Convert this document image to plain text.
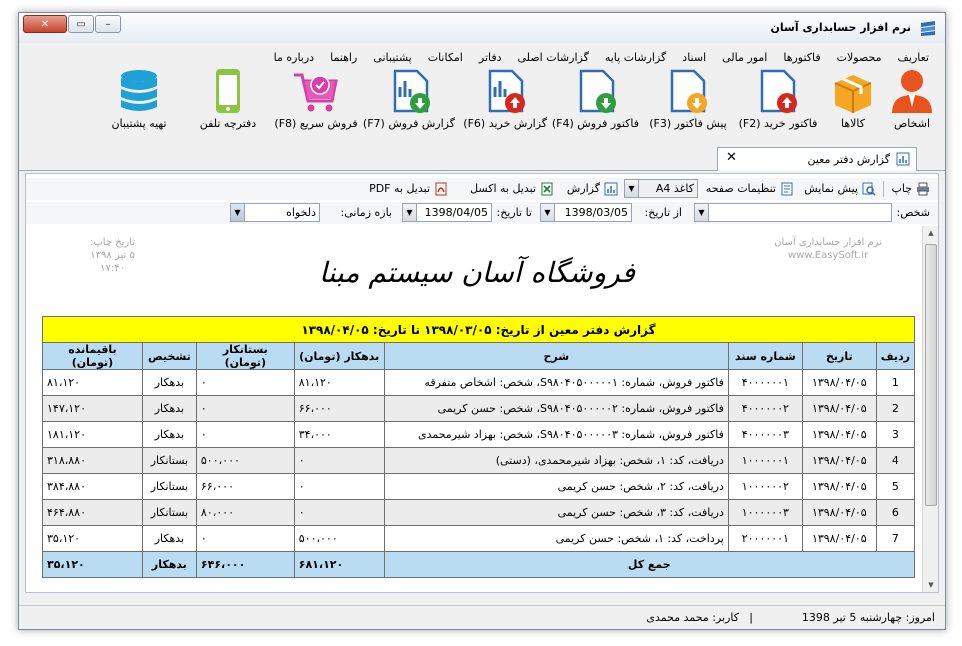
نرم افزار حسابداری آسان
✕	▭ –
تعاریف
محصولات
فاکتورها
امور مالی
اسناد
گزارشات پایه
گزارشات اصلی
دفاتر
امکانات
پشتیبانی
راهنما
درباره ما
اشخاص
کالاها
فاکتور خرید (F2)
پیش فاکتور (F3)
فاکتور فروش (F4)
گزارش خرید (F6)
گزارش فروش (F7)
فروش سریع (F8)
دفترچه تلفن
تهیه پشتیبان
گزارش دفتر معین
✕
چاپ
پیش نمایش
تنظیمات صفحه
کاغذ A4
▼
گزارش
تبدیل به اکسل
تبدیل به PDF
شخص:
▼
از تاریخ:
1398/03/05
▼
تا تاریخ:
1398/04/05
▼
بازه زمانی:
دلخواه
▼
تاریخ چاپ:
۵ تیر ۱۳۹۸
۱۷:۴۰
نرم افزار حسابداری آسان
www.EasySoft.ir
فروشگاه آسان سیستم مبنا
گزارش دفتر معین از تاریخ: ۱۳۹۸/۰۳/۰۵ تا تاریخ: ۱۳۹۸/۰۴/۰۵							
ردیف	تاریخ	شماره سند	شرح	بدهکار (تومان)	بستانکار (تومان)	تشخیص	باقیمانده (تومان)
1	۱۳۹۸/۰۴/۰۵	۴۰۰۰۰۰۰۱	فاکتور فروش، شماره: S۹۸۰۴۰۵۰۰۰۰۰۱، شخص: اشخاص متفرقه	۸۱،۱۲۰	۰	بدهکار	۸۱،۱۲۰
2	۱۳۹۸/۰۴/۰۵	۴۰۰۰۰۰۰۲	فاکتور فروش، شماره: S۹۸۰۴۰۵۰۰۰۰۰۲، شخص: حسن کریمی	۶۶،۰۰۰	۰	بدهکار	۱۴۷،۱۲۰
3	۱۳۹۸/۰۴/۰۵	۴۰۰۰۰۰۰۳	فاکتور فروش، شماره: S۹۸۰۴۰۵۰۰۰۰۰۳، شخص: بهزاد شیرمحمدی	۳۴،۰۰۰	۰	بدهکار	۱۸۱،۱۲۰
4	۱۳۹۸/۰۴/۰۵	۱۰۰۰۰۰۰۱	دریافت، کد: ۱، شخص: بهزاد شیرمحمدی، (دستی)	۰	۵۰۰،۰۰۰	بستانکار	۳۱۸،۸۸۰
5	۱۳۹۸/۰۴/۰۵	۱۰۰۰۰۰۰۲	دریافت، کد: ۲، شخص: حسن کریمی	۰	۶۶،۰۰۰	بستانکار	۳۸۴،۸۸۰
6	۱۳۹۸/۰۴/۰۵	۱۰۰۰۰۰۰۳	دریافت، کد: ۳، شخص: حسن کریمی	۰	۸۰،۰۰۰	بستانکار	۴۶۴،۸۸۰
7	۱۳۹۸/۰۴/۰۵	۲۰۰۰۰۰۰۱	پرداخت، کد: ۱، شخص: حسن کریمی	۵۰۰،۰۰۰	۰	بدهکار	۳۵،۱۲۰
جمع کل				۶۸۱،۱۲۰	۶۴۶،۰۰۰	بدهکار	۳۵،۱۲۰
▲
▼
امروز: چهارشنبه 5 تیر 1398
|
کاربر: محمد محمدی
